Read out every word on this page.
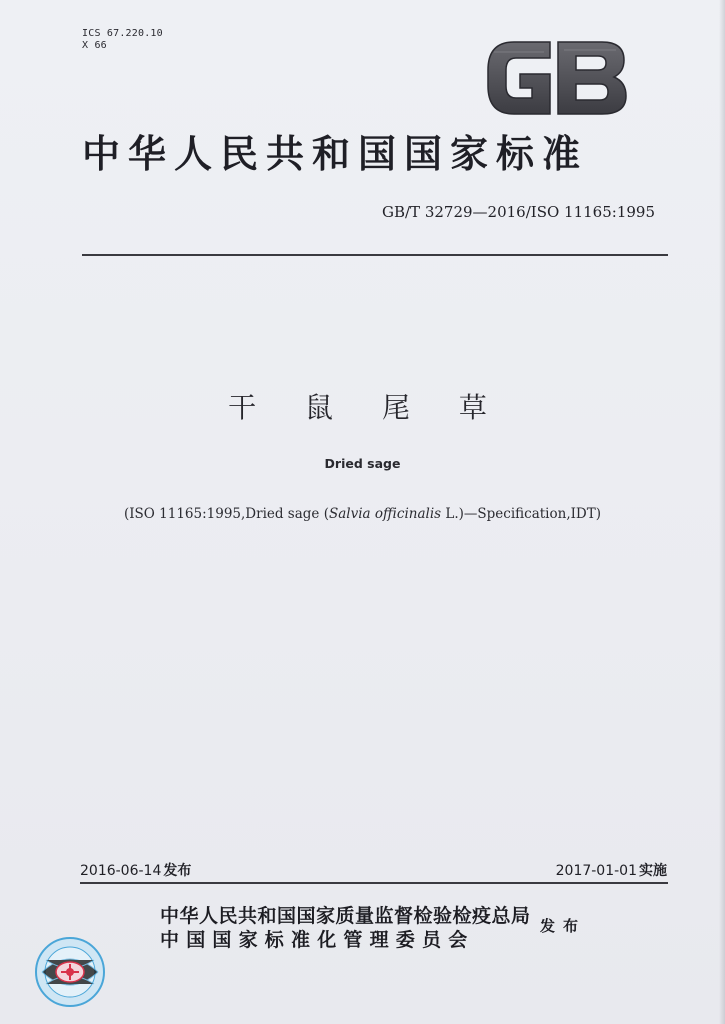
ICS 67.220.10
X 66
中华人民共和国国家标准
GB/T 32729—2016/ISO 11165:1995
干 鼠 尾 草
Dried sage
(ISO 11165:1995,Dried sage (Salvia officinalis L.)—Specification,IDT)
2016-06-14 发布	2017-01-01 实施
中华人民共和国国家质量监督检验检疫总局
中国国家标准化管理委员会
发布
